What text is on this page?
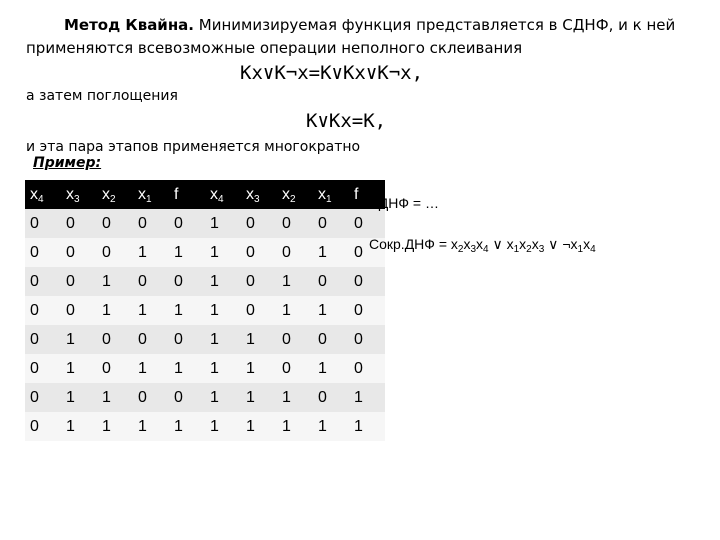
Метод Квайна. Минимизируемая функция представляется в СДНФ, и к ней применяются всевозможные операции неполного склеивания
Kx∨K¬x=K∨Kx∨K¬x,
а затем поглощения
K∨Kx=K,
и эта пара этапов применяется многократно
Пример:
$x_4$	$x_3$	$x_2$	$x_1$	f	$x_4$	$x_3$	$x_2$	$x_1$	f
0	0	0	0	0	1	0	0	0	0
0	0	0	1	1	1	0	0	1	0
0	0	1	0	0	1	0	1	0	0
0	0	1	1	1	1	0	1	1	0
0	1	0	0	0	1	1	0	0	0
0	1	0	1	1	1	1	0	1	0
0	1	1	0	0	1	1	1	0	1
0	1	1	1	1	1	1	1	1	1
СДНФ = …
Сокр.ДНФ = $x_2x_3x_4$ ∨ $x_1x_2x_3$ ∨ $\neg x_1x_4$
